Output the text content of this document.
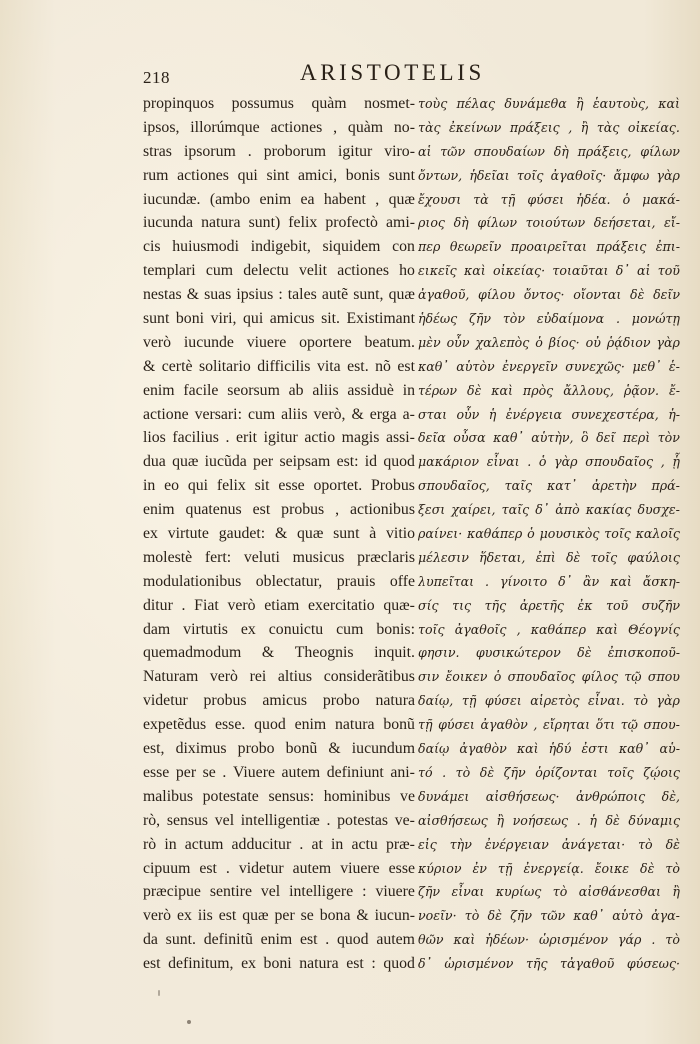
218	ARISTOTELIS
propinquos possumus quàm nosmet-
ipsos, illorúmque actiones , quàm no-
stras ipsorum . proborum igitur viro-
rum actiones qui sint amici, bonis sunt
iucundæ. (ambo enim ea habent , quæ
iucunda natura sunt) felix profectò ami-
cis huiusmodi indigebit, siquidem con
templari cum delectu velit actiones ho
nestas & suas ipsius : tales autẽ sunt, quæ
sunt boni viri, qui amicus sit. Existimant
verò iucunde viuere oportere beatum.
& certè solitario difficilis vita est. nõ est
enim facile seorsum ab aliis assiduè in
actione versari: cum aliis verò, & erga a-
lios facilius . erit igitur actio magis assi-
dua quæ iucũda per seipsam est: id quod
in eo qui felix sit esse oportet. Probus
enim quatenus est probus , actionibus
ex virtute gaudet: & quæ sunt à vitio
molestè fert: veluti musicus præclaris
modulationibus oblectatur, prauis offe
ditur . Fiat verò etiam exercitatio quæ-
dam virtutis ex conuictu cum bonis:
quemadmodum & Theognis inquit.
Naturam verò rei altius considerãtibus
videtur probus amicus probo natura
expetẽdus esse. quod enim natura bonũ
est, diximus probo bonũ & iucundum
esse per se . Viuere autem definiunt ani-
malibus potestate sensus: hominibus ve
rò, sensus vel intelligentiæ . potestas ve-
rò in actum adducitur . at in actu præ-
cipuum est . videtur autem viuere esse
præcipue sentire vel intelligere : viuere
verò ex iis est quæ per se bona & iucun-
da sunt. definitũ enim est . quod autem
est definitum, ex boni natura est : quod
τοὺς πέλας δυνάμεθα ἢ ἑαυτοὺς, καὶ
τὰς ἐκείνων πράξεις , ἢ τὰς οἰκείας.
αἱ τῶν σπουδαίων δὴ πράξεις, φίλων
ὄντων, ἡδεῖαι τοῖς ἀγαθοῖς· ἄμφω γὰρ
ἔχουσι τὰ τῇ φύσει ἡδέα. ὁ μακά-
ριος δὴ φίλων τοιούτων δεήσεται, εἴ-
περ θεωρεῖν προαιρεῖται πράξεις ἐπι-
εικεῖς καὶ οἰκείας· τοιαῦται δ᾽ αἱ τοῦ
ἀγαθοῦ, φίλου ὄντος· οἴονται δὲ δεῖν
ἡδέως ζῆν τὸν εὐδαίμονα . μονώτῃ
μὲν οὖν χαλεπὸς ὁ βίος· οὐ ῥᾴδιον γὰρ
καθ᾽ αὑτὸν ἐνεργεῖν συνεχῶς· μεθ᾽ ἑ-
τέρων δὲ καὶ πρὸς ἄλλους, ῥᾷον. ἔ-
σται οὖν ἡ ἐνέργεια συνεχεστέρα, ἡ-
δεῖα οὖσα καθ᾽ αὑτὴν, ὃ δεῖ περὶ τὸν
μακάριον εἶναι . ὁ γὰρ σπουδαῖος , ᾗ
σπουδαῖος, ταῖς κατ᾽ ἀρετὴν πρά-
ξεσι χαίρει, ταῖς δ᾽ ἀπὸ κακίας δυσχε-
ραίνει· καθάπερ ὁ μουσικὸς τοῖς καλοῖς
μέλεσιν ἥδεται, ἐπὶ δὲ τοῖς φαύλοις
λυπεῖται . γίνοιτο δ᾽ ἂν καὶ ἄσκη-
σίς τις τῆς ἀρετῆς ἐκ τοῦ συζῆν
τοῖς ἀγαθοῖς , καθάπερ καὶ Θέογνίς
φησιν. φυσικώτερον δὲ ἐπισκοποῦ-
σιν ἔοικεν ὁ σπουδαῖος φίλος τῷ σπου
δαίῳ, τῇ φύσει αἱρετὸς εἶναι. τὸ γὰρ
τῇ φύσει ἀγαθὸν , εἴρηται ὅτι τῷ σπου-
δαίῳ ἀγαθὸν καὶ ἡδύ ἐστι καθ᾽ αὑ-
τό . τὸ δὲ ζῆν ὁρίζονται τοῖς ζῴοις
δυνάμει αἰσθήσεως· ἀνθρώποις δὲ,
αἰσθήσεως ἢ νοήσεως . ἡ δὲ δύναμις
εἰς τὴν ἐνέργειαν ἀνάγεται· τὸ δὲ
κύριον ἐν τῇ ἐνεργείᾳ. ἔοικε δὲ τὸ
ζῆν εἶναι κυρίως τὸ αἰσθάνεσθαι ἢ
νοεῖν· τὸ δὲ ζῆν τῶν καθ᾽ αὑτὸ ἀγα-
θῶν καὶ ἡδέων· ὡρισμένον γάρ . τὸ
δ᾽ ὡρισμένον τῆς τἀγαθοῦ φύσεως·
